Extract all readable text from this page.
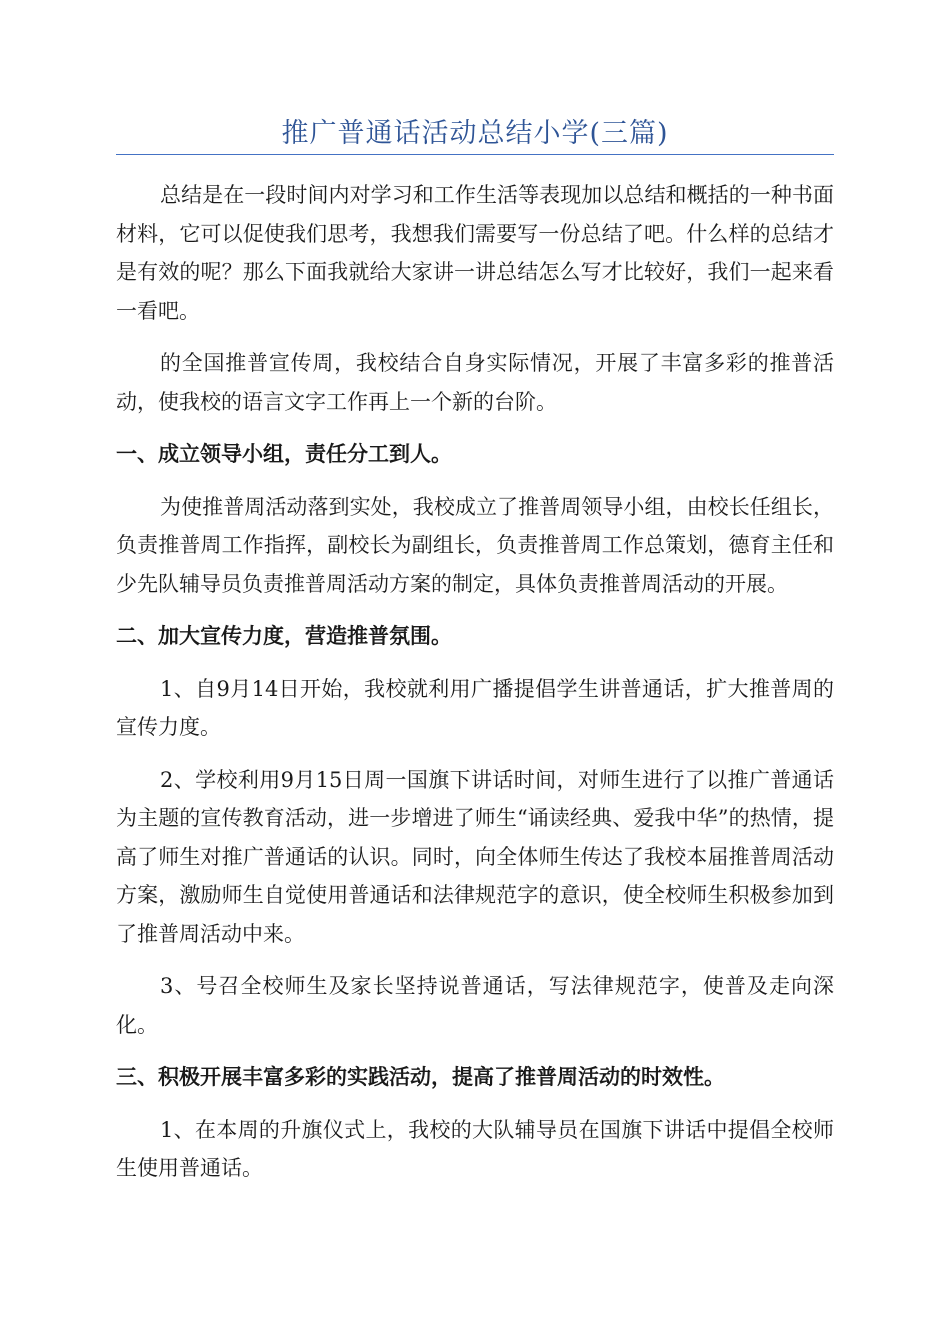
推广普通话活动总结小学(三篇)

总结是在一段时间内对学习和工作生活等表现加以总结和概括的一种书面材料，它可以促使我们思考，我想我们需要写一份总结了吧。什么样的总结才是有效的呢？那么下面我就给大家讲一讲总结怎么写才比较好，我们一起来看一看吧。

的全国推普宣传周，我校结合自身实际情况，开展了丰富多彩的推普活动，使我校的语言文字工作再上一个新的台阶。

一、成立领导小组，责任分工到人。

为使推普周活动落到实处，我校成立了推普周领导小组，由校长任组长，负责推普周工作指挥，副校长为副组长，负责推普周工作总策划，德育主任和少先队辅导员负责推普周活动方案的制定，具体负责推普周活动的开展。

二、加大宣传力度，营造推普氛围。

1、自9月14日开始，我校就利用广播提倡学生讲普通话，扩大推普周的宣传力度。

2、学校利用9月15日周一国旗下讲话时间，对师生进行了以推广普通话为主题的宣传教育活动，进一步增进了师生“诵读经典、爱我中华”的热情，提高了师生对推广普通话的认识。同时，向全体师生传达了我校本届推普周活动方案，激励师生自觉使用普通话和法律规范字的意识，使全校师生积极参加到了推普周活动中来。

3、号召全校师生及家长坚持说普通话，写法律规范字，使普及走向深化。

三、积极开展丰富多彩的实践活动，提高了推普周活动的时效性。

1、在本周的升旗仪式上，我校的大队辅导员在国旗下讲话中提倡全校师生使用普通话。
